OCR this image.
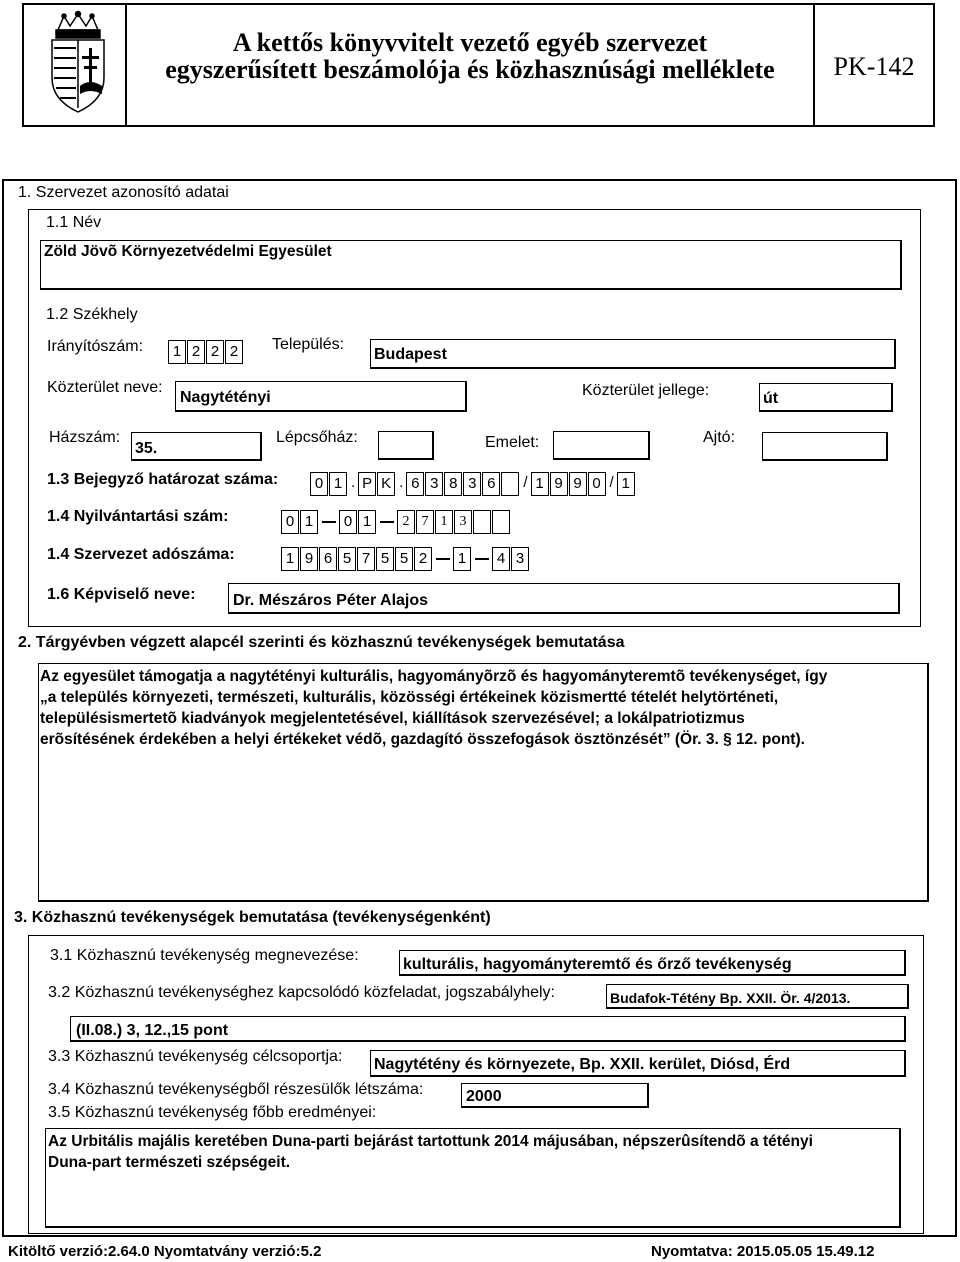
A kettős könyvvitelt vezető egyéb szervezet
egyszerűsített beszámolója és közhasznúsági melléklete	PK-142
1. Szervezet azonosító adatai
1.1 Név
Zöld Jövõ Környezetvédelmi Egyesület
1.2 Székhely
Irányítószám:	1 2 2 2	Település:
Budapest
Közterület neve:
Nagytétényi	Közterület jellege:	út
Házszám:
35.
Lépcsőház:	Emelet:	Ajtó:
1.3 Bejegyző határozat száma:	0 1 . P K . 6 3 8 3 6	/ 1 9 9 0 / 1
1.4 Nyilvántartási szám:	0 1	0 1	2 7 1 3
1.4 Szervezet adószáma:	1 9 6 5 7 5 5 2	1	4 3
1.6 Képviselő neve: Dr. Mészáros Péter Alajos
2. Tárgyévben végzett alapcél szerinti és közhasznú tevékenységek bemutatása
Az egyesület támogatja a nagytétényi kulturális, hagyományõrzõ és hagyományteremtõ tevékenységet, így
„a település környezeti, természeti, kulturális, közösségi értékeinek közismertté tételét helytörténeti,
településismertetõ kiadványok megjelentetésével, kiállítások szervezésével; a lokálpatriotizmus
erõsítésének érdekében a helyi értékeket védõ, gazdagító összefogások ösztönzését” (Ör. 3. § 12. pont).
3. Közhasznú tevékenységek bemutatása (tevékenységenként)
3.1 Közhasznú tevékenység megnevezése:
kulturális, hagyományteremtő és őrző tevékenység
3.2 Közhasznú tevékenységhez kapcsolódó közfeladat, jogszabályhely:	Budafok-Tétény Bp. XXII. Ör. 4/2013.
(II.08.) 3, 12.,15 pont
3.3 Közhasznú tevékenység célcsoportja: Nagytétény és környezete, Bp. XXII. kerület, Diósd, Érd
3.4 Közhasznú tevékenységből részesülők létszáma:	2000
3.5 Közhasznú tevékenység főbb eredményei:
Az Urbitális majális keretében Duna-parti bejárást tartottunk 2014 májusában, népszerûsítendõ a tétényi
Duna-part természeti szépségeit.
Kitöltő verzió:2.64.0 Nyomtatvány verzió:5.2	Nyomtatva: 2015.05.05 15.49.12
